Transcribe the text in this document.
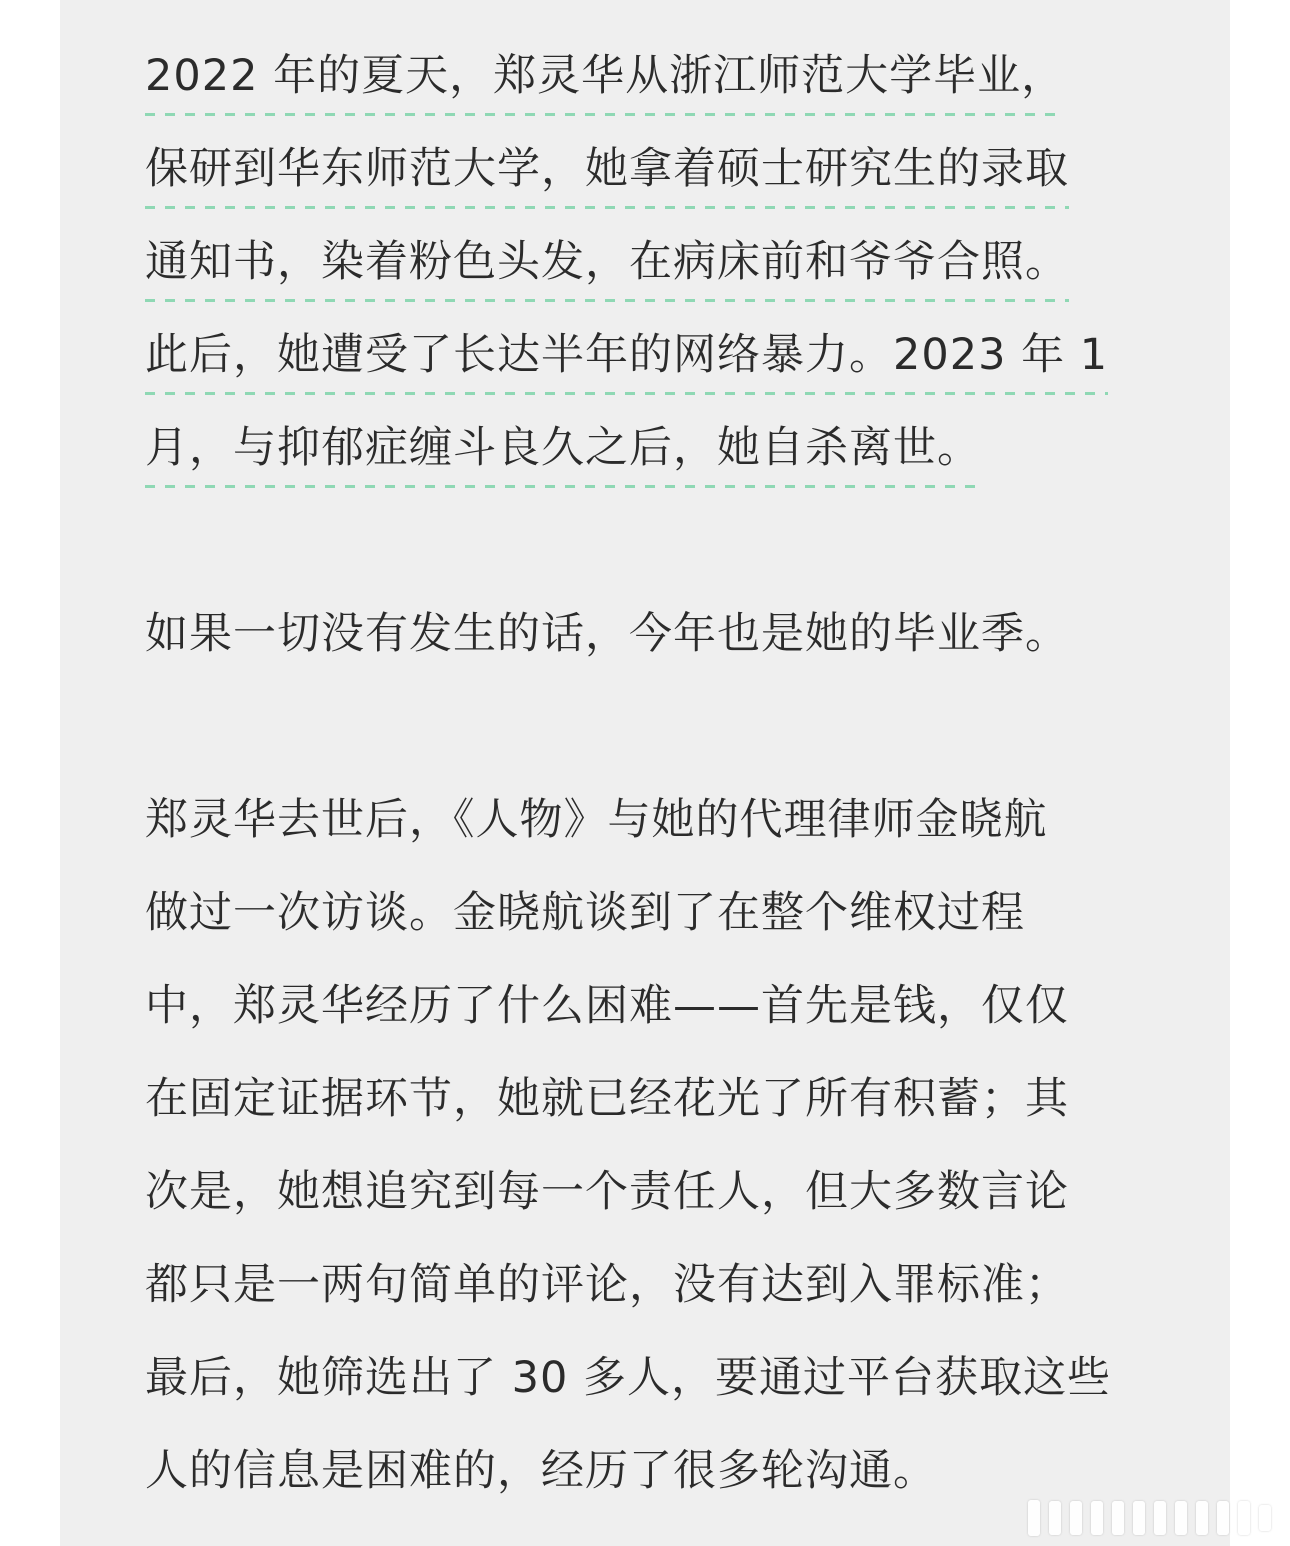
2022 年的夏天，郑灵华从浙江师范大学毕业，
保研到华东师范大学，她拿着硕士研究生的录取
通知书，染着粉色头发，在病床前和爷爷合照。
此后，她遭受了长达半年的网络暴力。2023 年 1
月，与抑郁症缠斗良久之后，她自杀离世。
如果一切没有发生的话，今年也是她的毕业季。
郑灵华去世后，《人物》与她的代理律师金晓航
做过一次访谈。金晓航谈到了在整个维权过程
中，郑灵华经历了什么困难——首先是钱，仅仅
在固定证据环节，她就已经花光了所有积蓄；其
次是，她想追究到每一个责任人，但大多数言论
都只是一两句简单的评论，没有达到入罪标准；
最后，她筛选出了 30 多人，要通过平台获取这些
人的信息是困难的，经历了很多轮沟通。
